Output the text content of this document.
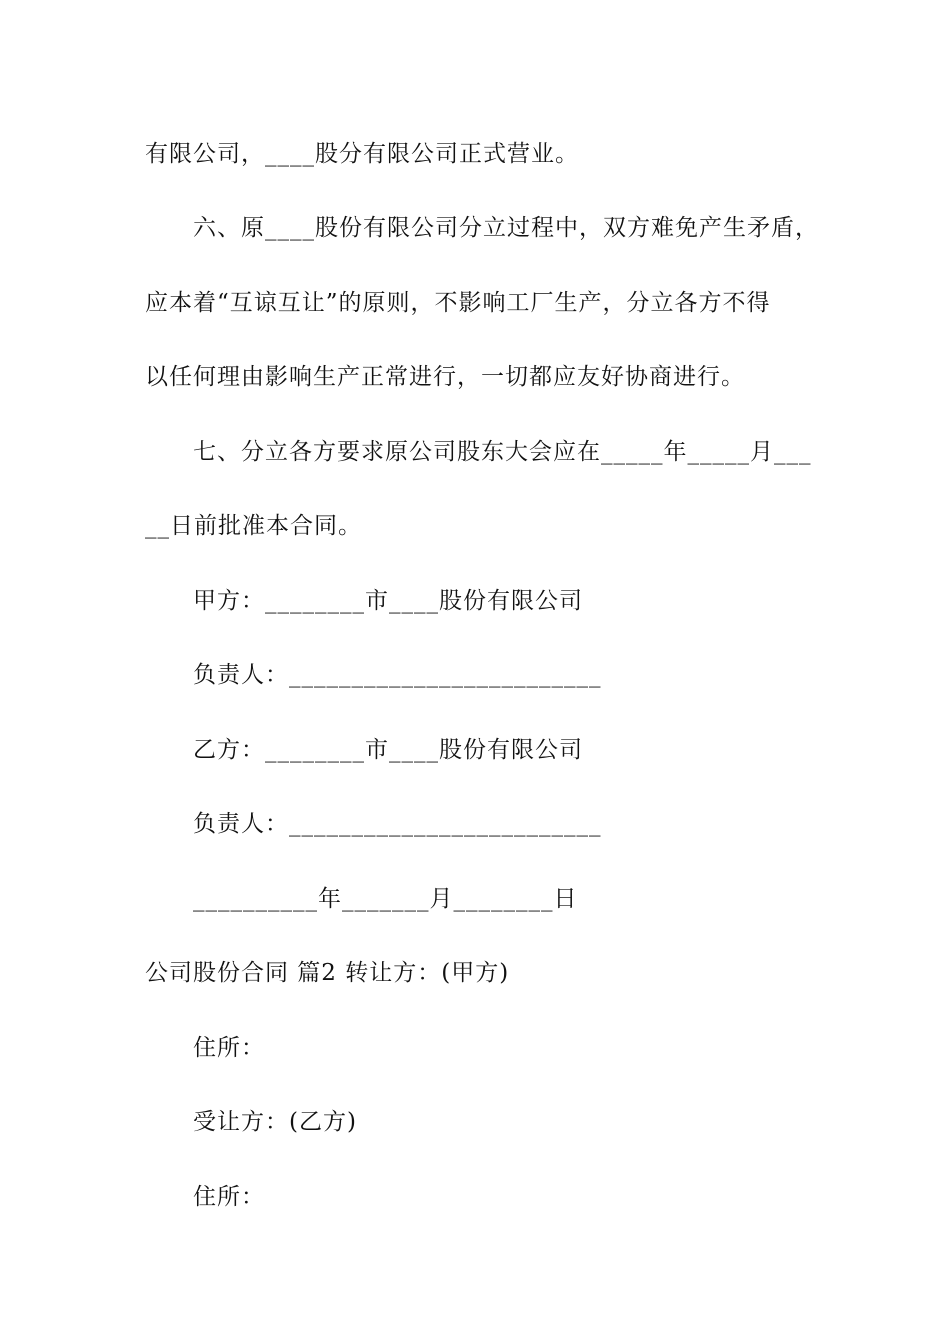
有限公司，____股分有限公司正式营业。
六、原____股份有限公司分立过程中，双方难免产生矛盾，
应本着“互谅互让”的原则，不影响工厂生产，分立各方不得
以任何理由影响生产正常进行，一切都应友好协商进行。
七、分立各方要求原公司股东大会应在_____年_____月___
__日前批准本合同。
甲方：________市____股份有限公司
负责人：_________________________
乙方：________市____股份有限公司
负责人：_________________________
__________年_______月________日
公司股份合同 篇2 转让方：(甲方)
住所：
受让方：(乙方)
住所：
